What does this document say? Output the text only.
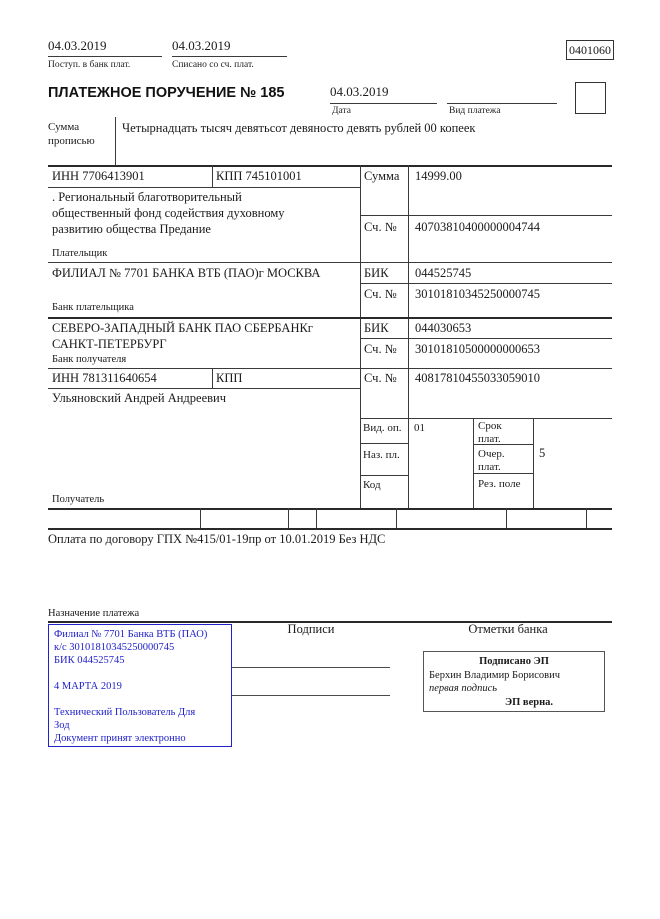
04.03.2019
Поступ. в банк плат.
04.03.2019
Списано со сч. плат.
0401060
ПЛАТЕЖНОЕ ПОРУЧЕНИЕ № 185	04.03.2019
Дата	Вид платежа
Сумма прописью
Четырнадцать тысяч девятьсот девяносто девять рублей 00 копеек
ИНН 7706413901	КПП 745101001	Сумма 14999.00
. Региональный благотворительный
общественный фонд содействия духовному
развитию общества Предание	Сч. № 40703810400000004744
Плательщик
ФИЛИАЛ № 7701 БАНКА ВТБ (ПАО)г МОСКВА	БИК 044525745
Сч. № 30101810345250000745
Банк плательщика
СЕВЕРО-ЗАПАДНЫЙ БАНК ПАО СБЕРБАНКг
САНКТ-ПЕТЕРБУРГ
БИК 044030653
Сч. № 30101810500000000653
Банк получателя
ИНН 781311640654	КПП	Сч. № 40817810455033059010
Ульяновский Андрей Андреевич
Получатель
Вид. оп. 01	Срок плат.
Наз. пл.	Очер. плат.
5
Код	Рез. поле
Оплата по договору ГПХ №415/01-19пр от 10.01.2019 Без НДС
Назначение платежа
Филиал № 7701 Банка ВТБ (ПАО)
к/с 30101810345250000745
БИК 044525745
4 МАРТА 2019
Технический Пользователь Для
Зод
Документ принят электронно
Подписи	Отметки банка
Подписано ЭП
Берхин Владимир Борисович
первая подпись
ЭП верна.
